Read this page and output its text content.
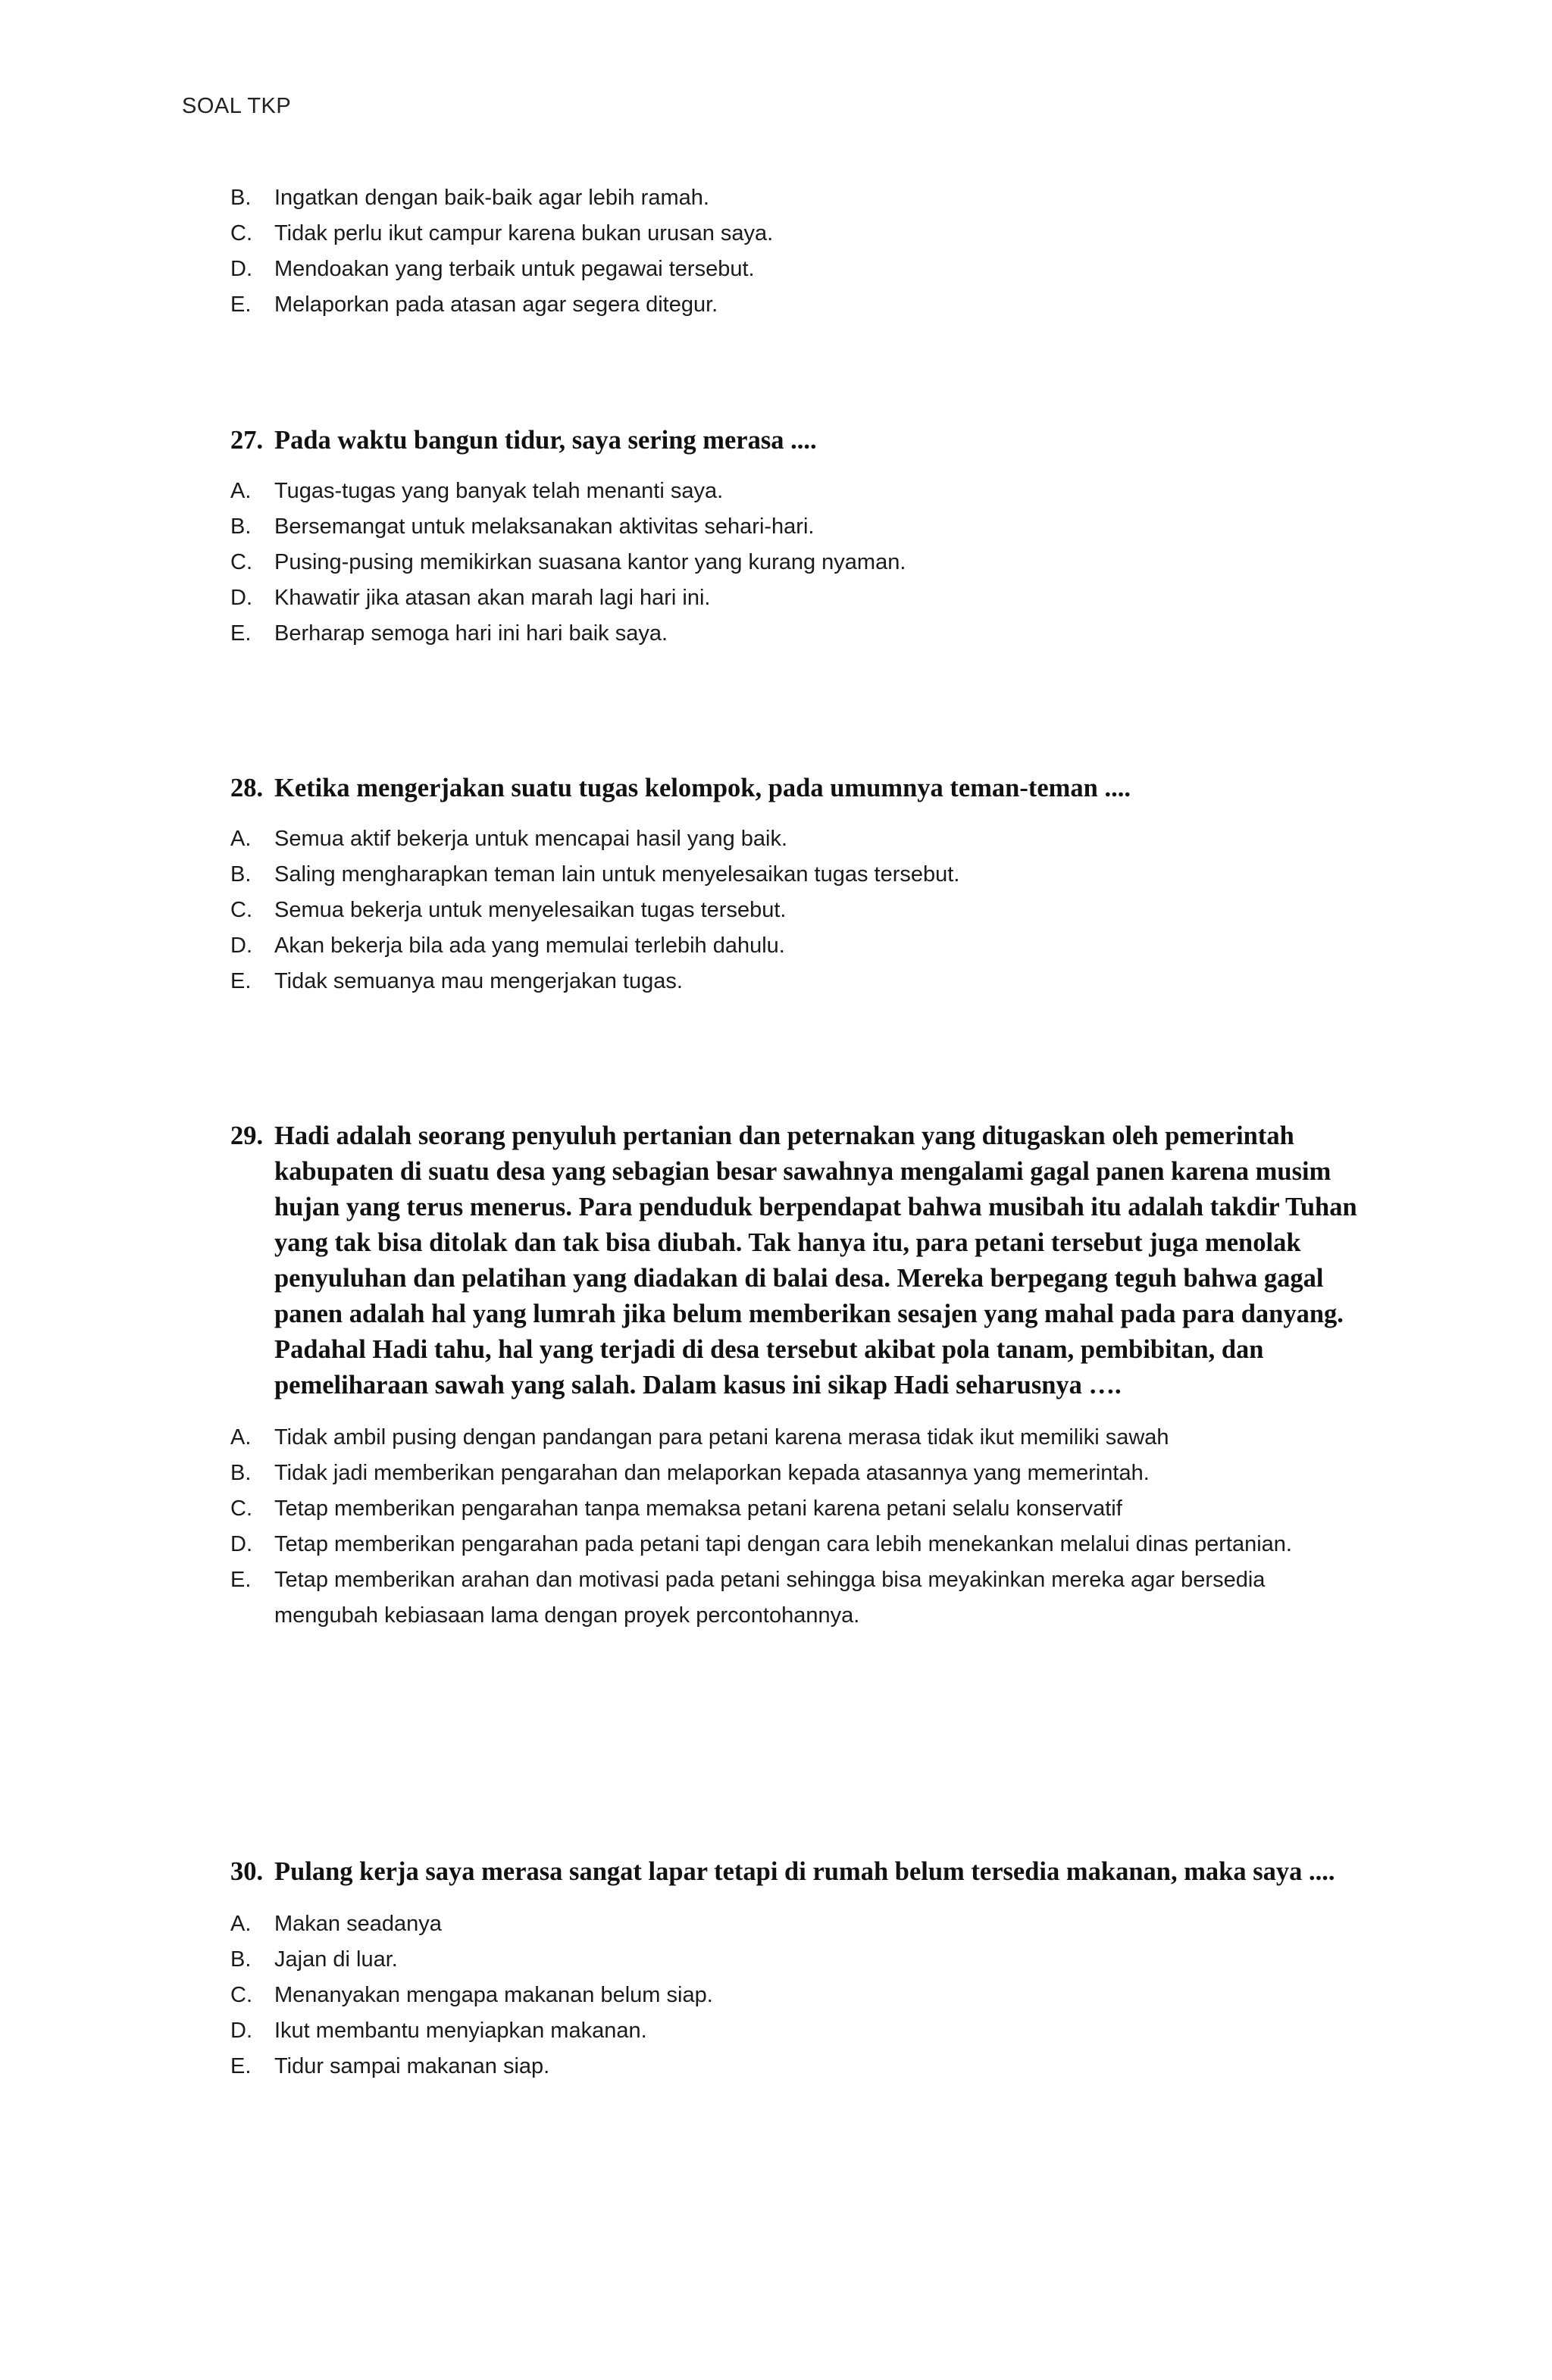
SOAL TKP
B.	Ingatkan dengan baik-baik agar lebih ramah.
C.	Tidak perlu ikut campur karena bukan urusan saya.
D.	Mendoakan yang terbaik untuk pegawai tersebut.
E.	Melaporkan pada atasan agar segera ditegur.
27. Pada waktu bangun tidur, saya sering merasa ....
A.	Tugas-tugas yang banyak telah menanti saya.
B.	Bersemangat untuk melaksanakan aktivitas sehari-hari.
C.	Pusing-pusing memikirkan suasana kantor yang kurang nyaman.
D.	Khawatir jika atasan akan marah lagi hari ini.
E.	Berharap semoga hari ini hari baik saya.
28. Ketika mengerjakan suatu tugas kelompok, pada umumnya teman-teman ....
A.	Semua aktif bekerja untuk mencapai hasil yang baik.
B.	Saling mengharapkan teman lain untuk menyelesaikan tugas tersebut.
C.	Semua bekerja untuk menyelesaikan tugas tersebut.
D.	Akan bekerja bila ada yang memulai terlebih dahulu.
E.	Tidak semuanya mau mengerjakan tugas.
29. Hadi adalah seorang penyuluh pertanian dan peternakan yang ditugaskan oleh pemerintah kabupaten di suatu desa yang sebagian besar sawahnya mengalami gagal panen karena musim hujan yang terus menerus. Para penduduk berpendapat bahwa musibah itu adalah takdir Tuhan yang tak bisa ditolak dan tak bisa diubah. Tak hanya itu, para petani tersebut juga menolak penyuluhan dan pelatihan yang diadakan di balai desa. Mereka berpegang teguh bahwa gagal panen adalah hal yang lumrah jika belum memberikan sesajen yang mahal pada para danyang. Padahal Hadi tahu, hal yang terjadi di desa tersebut akibat pola tanam, pembibitan, dan pemeliharaan sawah yang salah. Dalam kasus ini sikap Hadi seharusnya ….
A.	Tidak ambil pusing dengan pandangan para petani karena merasa tidak ikut memiliki sawah
B.	Tidak jadi memberikan pengarahan dan melaporkan kepada atasannya yang memerintah.
C.	Tetap memberikan pengarahan tanpa memaksa petani karena petani selalu konservatif
D.	Tetap memberikan pengarahan pada petani tapi dengan cara lebih menekankan melalui dinas pertanian.
E.	Tetap memberikan arahan dan motivasi pada petani sehingga bisa meyakinkan mereka agar bersedia mengubah kebiasaan lama dengan proyek percontohannya.
30. Pulang kerja saya merasa sangat lapar tetapi di rumah belum tersedia makanan, maka saya ....
A.	Makan seadanya
B.	Jajan di luar.
C.	Menanyakan mengapa makanan belum siap.
D.	Ikut membantu menyiapkan makanan.
E.	Tidur sampai makanan siap.
